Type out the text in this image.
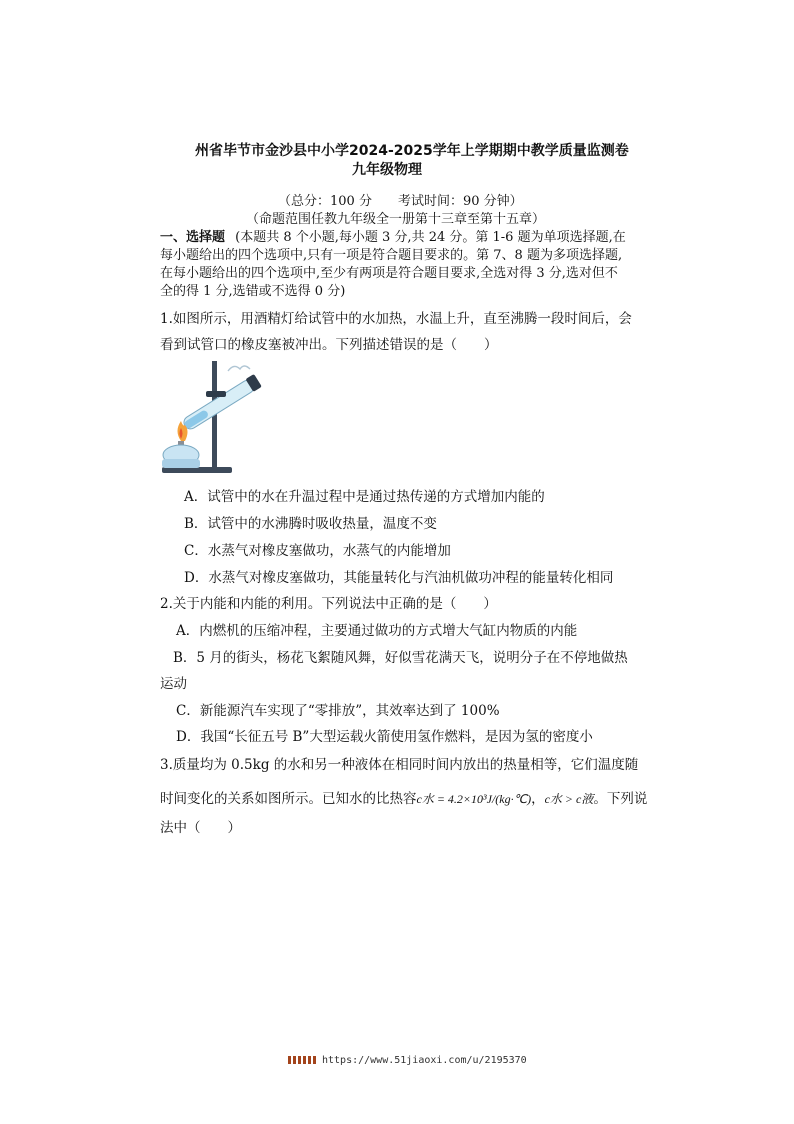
州省毕节市金沙县中小学2024-2025学年上学期期中教学质量监测卷
九年级物理
（总分：100 分　　考试时间：90 分钟）
（命题范围任教九年级全一册第十三章至第十五章）
一、选择题 (本题共 8 个小题,每小题 3 分,共 24 分。第 1-6 题为单项选择题,在
每小题给出的四个选项中,只有一项是符合题目要求的。第 7、8 题为多项选择题,
在每小题给出的四个选项中,至少有两项是符合题目要求,全选对得 3 分,选对但不
全的得 1 分,选错或不选得 0 分)
1.如图所示，用酒精灯给试管中的水加热，水温上升，直至沸腾一段时间后，会
看到试管口的橡皮塞被冲出。下列描述错误的是（　　）
A．试管中的水在升温过程中是通过热传递的方式增加内能的
B．试管中的水沸腾时吸收热量，温度不变
C．水蒸气对橡皮塞做功，水蒸气的内能增加
D．水蒸气对橡皮塞做功，其能量转化与汽油机做功冲程的能量转化相同
2.关于内能和内能的利用。下列说法中正确的是（　　）
A．内燃机的压缩冲程，主要通过做功的方式增大气缸内物质的内能
B．5 月的街头，杨花飞絮随风舞，好似雪花满天飞，说明分子在不停地做热
运动
C．新能源汽车实现了“零排放”，其效率达到了 100%
D．我国“长征五号 B”大型运载火箭使用氢作燃料，是因为氢的密度小
3.质量均为 0.5kg 的水和另一种液体在相同时间内放出的热量相等，它们温度随
时间变化的关系如图所示。已知水的比热容c水 = 4.2×10³J/(kg·℃)，c水 > c液。下列说
法中（　　）
https://www.51jiaoxi.com/u/2195370
